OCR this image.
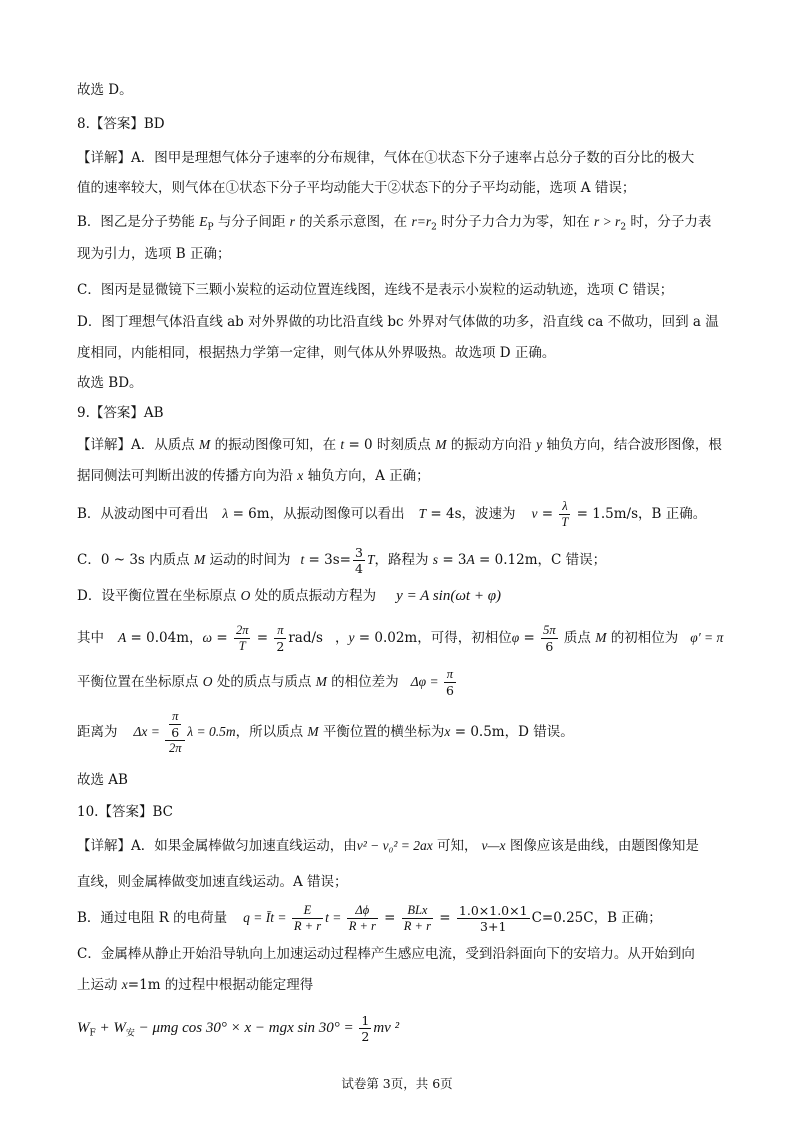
故选 D。
8.【答案】BD
【详解】A．图甲是理想气体分子速率的分布规律，气体在①状态下分子速率占总分子数的百分比的极大
值的速率较大，则气体在①状态下分子平均动能大于②状态下的分子平均动能，选项 A 错误；
B．图乙是分子势能 $E_P$ 与分子间距 r 的关系示意图，在 $r=r_2$ 时分子力合力为零，知在 $r > r_2$ 时，分子力表
现为引力，选项 B 正确；
C．图丙是显微镜下三颗小炭粒的运动位置连线图，连线不是表示小炭粒的运动轨迹，选项 C 错误；
D．图丁理想气体沿直线 ab 对外界做的功比沿直线 bc 外界对气体做的功多，沿直线 ca 不做功，回到 a 温
度相同，内能相同，根据热力学第一定律，则气体从外界吸热。故选项 D 正确。
故选 BD。
9.【答案】AB
【详解】A．从质点 M 的振动图像可知，在 t = 0 时刻质点 M 的振动方向沿 y 轴负方向，结合波形图像，根
据同侧法可判断出波的传播方向为沿 x 轴负方向，A 正确；
B．从波动图中可看出 λ = 6m，从振动图像可以看出 T = 4s，波速为 $v = \frac{\lambda}{T} = 1.5m/s$，B 正确。
C．0 ~ 3s 内质点 M 运动的时间为 $t = 3s= \frac{3}{4}$ T，路程为 s = 3A = 0.12m，C 错误；
D．设平衡位置在坐标原点 O 处的质点振动方程为 y = A sin(ωt + φ)
其中 A = 0.04m，$\omega = \frac{2\pi}{T} = \frac{\pi}{2} rad/s$ ，y = 0.02m，可得，初相位$\varphi = \frac{5\pi}{6}$ 质点 M 的初相位为 φ′ = π
平衡位置在坐标原点 O 处的质点与质点 M 的相位差为 $\Delta\varphi = \frac{\pi}{6}$
距离为 $\Delta x = \frac{\frac{\pi}{6}}{2\pi}$ λ = 0.5m，所以质点 M 平衡位置的横坐标为x = 0.5m，D 错误。
故选 AB
10.【答案】BC
【详解】A．如果金属棒做匀加速直线运动，由v² − v₀² = 2ax 可知， v—x 图像应该是曲线，由题图像知是
直线，则金属棒做变加速直线运动。A 错误；
B．通过电阻 R 的电荷量 q = Īt = $\frac{E}{R + r}$ $t = \frac{\Delta\phi}{R + r} = \frac{\text{BLx}}{R + r} = \frac{1.0\times 1.0\times 1}{3+1} C=0.25C$，B 正确；
C．金属棒从静止开始沿导轨向上加速运动过程棒产生感应电流，受到沿斜面向下的安培力。从开始到向
上运动 x=1m 的过程中根据动能定理得
$W_F + W_安 - \mu mg$ cos 30° × x − mgx $\sin 30^\circ = \frac{1}{2}$ mv ²
试卷第 3页，共 6页
